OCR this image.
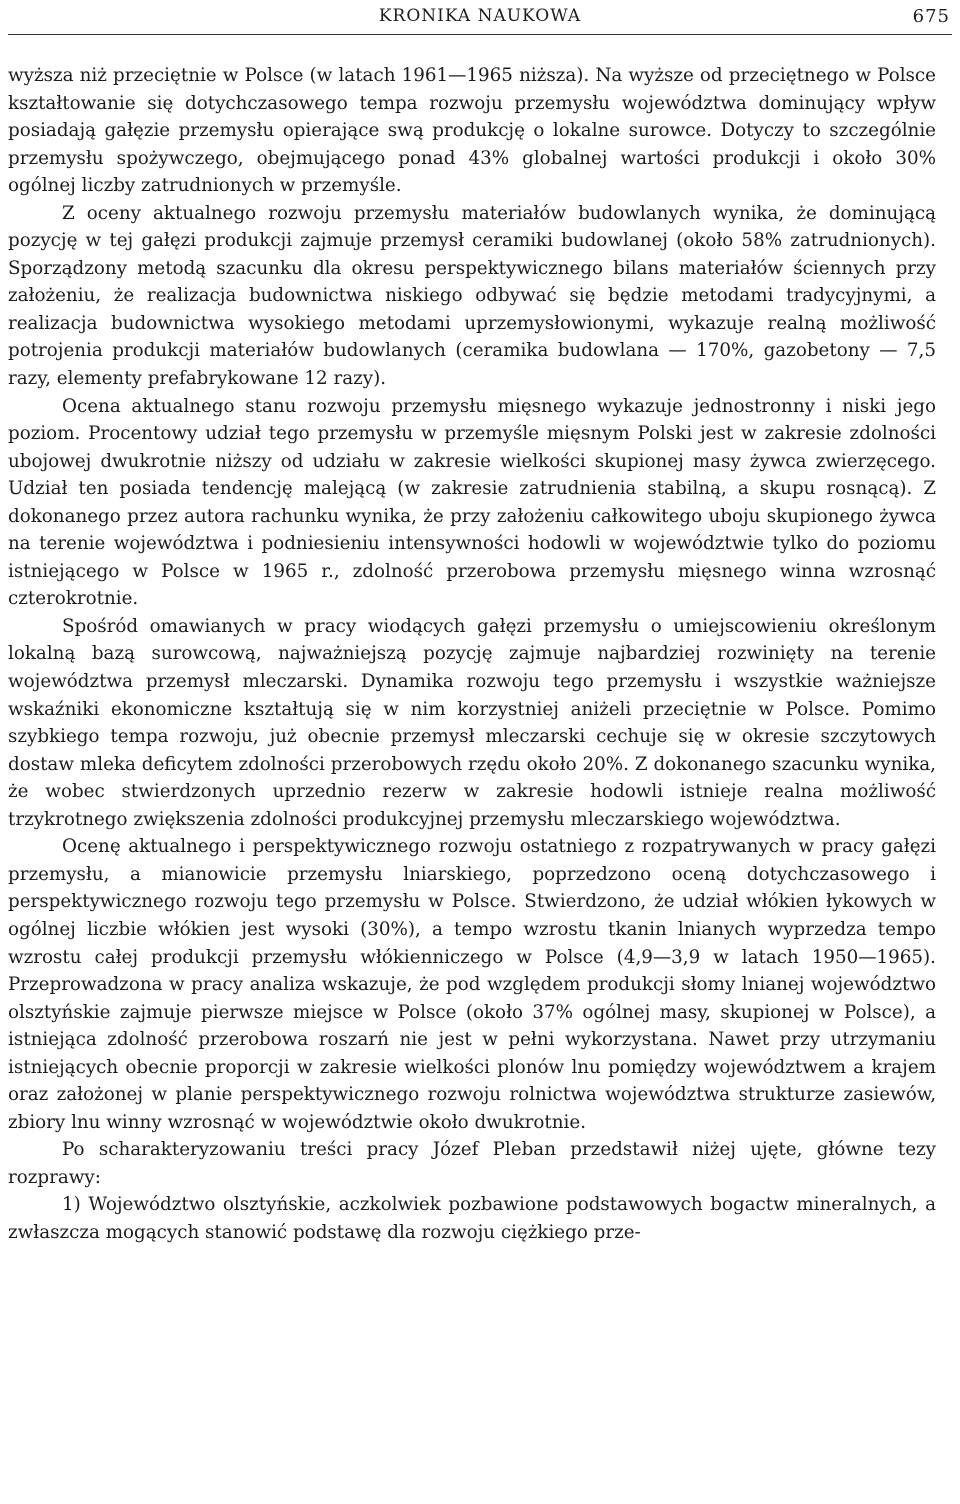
KRONIKA NAUKOWA	675

wyższa niż przeciętnie w Polsce (w latach 1961—1965 niższa). Na wyższe od przeciętnego w Polsce kształtowanie się dotychczasowego tempa rozwoju przemysłu województwa dominujący wpływ posiadają gałęzie przemysłu opierające swą produkcję o lokalne surowce. Dotyczy to szczególnie przemysłu spożywczego, obejmującego ponad 43% globalnej wartości produkcji i około 30% ogólnej liczby zatrudnionych w przemyśle.

Z oceny aktualnego rozwoju przemysłu materiałów budowlanych wynika, że dominującą pozycję w tej gałęzi produkcji zajmuje przemysł ceramiki budowlanej (około 58% zatrudnionych). Sporządzony metodą szacunku dla okresu perspektywicznego bilans materiałów ściennych przy założeniu, że realizacja budownictwa niskiego odbywać się będzie metodami tradycyjnymi, a realizacja budownictwa wysokiego metodami uprzemysłowionymi, wykazuje realną możliwość potrojenia produkcji materiałów budowlanych (ceramika budowlana — 170%, gazobetony — 7,5 razy, elementy prefabrykowane 12 razy).

Ocena aktualnego stanu rozwoju przemysłu mięsnego wykazuje jednostronny i niski jego poziom. Procentowy udział tego przemysłu w przemyśle mięsnym Polski jest w zakresie zdolności ubojowej dwukrotnie niższy od udziału w zakresie wielkości skupionej masy żywca zwierzęcego. Udział ten posiada tendencję malejącą (w zakresie zatrudnienia stabilną, a skupu rosnącą). Z dokonanego przez autora rachunku wynika, że przy założeniu całkowitego uboju skupionego żywca na terenie województwa i podniesieniu intensywności hodowli w województwie tylko do poziomu istniejącego w Polsce w 1965 r., zdolność przerobowa przemysłu mięsnego winna wzrosnąć czterokrotnie.

Spośród omawianych w pracy wiodących gałęzi przemysłu o umiejscowieniu określonym lokalną bazą surowcową, najważniejszą pozycję zajmuje najbardziej rozwinięty na terenie województwa przemysł mleczarski. Dynamika rozwoju tego przemysłu i wszystkie ważniejsze wskaźniki ekonomiczne kształtują się w nim korzystniej aniżeli przeciętnie w Polsce. Pomimo szybkiego tempa rozwoju, już obecnie przemysł mleczarski cechuje się w okresie szczytowych dostaw mleka deficytem zdolności przerobowych rzędu około 20%. Z dokonanego szacunku wynika, że wobec stwierdzonych uprzednio rezerw w zakresie hodowli istnieje realna możliwość trzykrotnego zwiększenia zdolności produkcyjnej przemysłu mleczarskiego województwa.

Ocenę aktualnego i perspektywicznego rozwoju ostatniego z rozpatrywanych w pracy gałęzi przemysłu, a mianowicie przemysłu lniarskiego, poprzedzono oceną dotychczasowego i perspektywicznego rozwoju tego przemysłu w Polsce. Stwierdzono, że udział włókien łykowych w ogólnej liczbie włókien jest wysoki (30%), a tempo wzrostu tkanin lnianych wyprzedza tempo wzrostu całej produkcji przemysłu włókienniczego w Polsce (4,9—3,9 w latach 1950—1965). Przeprowadzona w pracy analiza wskazuje, że pod względem produkcji słomy lnianej województwo olsztyńskie zajmuje pierwsze miejsce w Polsce (około 37% ogólnej masy, skupionej w Polsce), a istniejąca zdolność przerobowa roszarń nie jest w pełni wykorzystana. Nawet przy utrzymaniu istniejących obecnie proporcji w zakresie wielkości plonów lnu pomiędzy województwem a krajem oraz założonej w planie perspektywicznego rozwoju rolnictwa województwa strukturze zasiewów, zbiory lnu winny wzrosnąć w województwie około dwukrotnie.

Po scharakteryzowaniu treści pracy Józef Pleban przedstawił niżej ujęte, główne tezy rozprawy:

1) Województwo olsztyńskie, aczkolwiek pozbawione podstawowych bogactw mineralnych, a zwłaszcza mogących stanowić podstawę dla rozwoju ciężkiego prze-
